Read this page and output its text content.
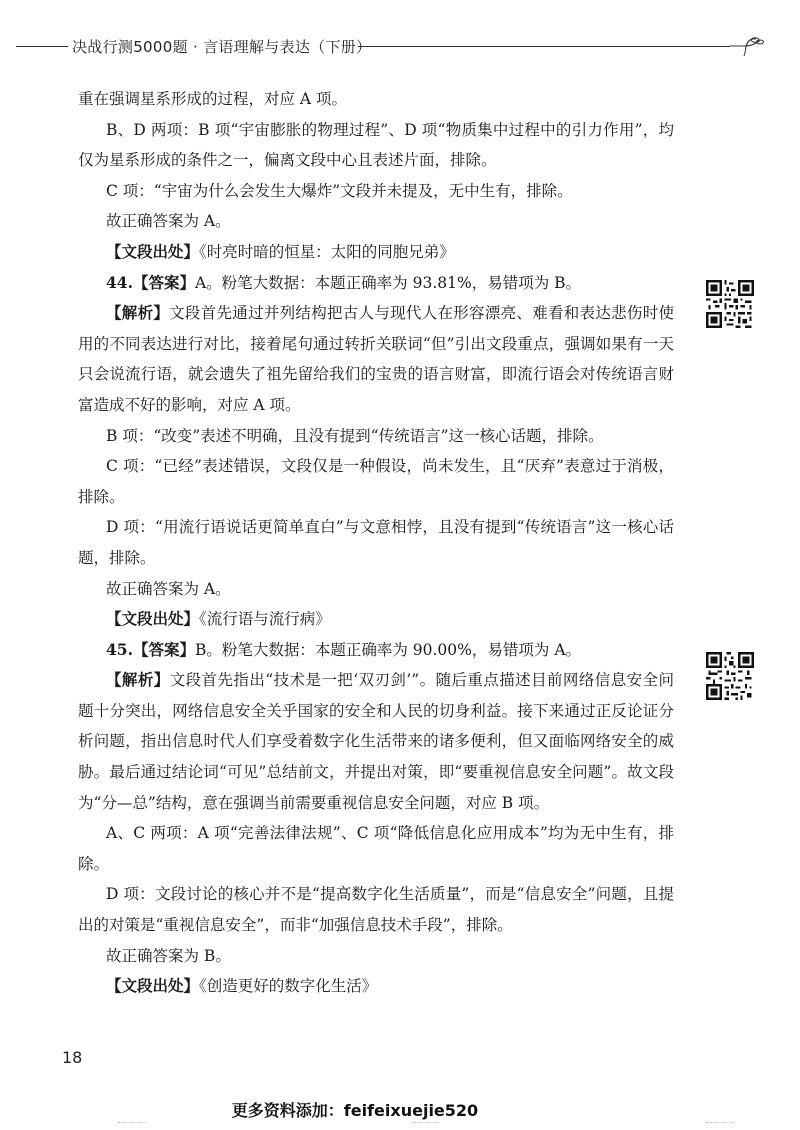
决战行测5000题 · 言语理解与表达（下册）

重在强调星系形成的过程，对应 A 项。

B、D 两项：B 项“宇宙膨胀的物理过程”、D 项“物质集中过程中的引力作用”，均仅为星系形成的条件之一，偏离文段中心且表述片面，排除。

C 项：“宇宙为什么会发生大爆炸”文段并未提及，无中生有，排除。

故正确答案为 A。

【文段出处】《时亮时暗的恒星：太阳的同胞兄弟》

44.【答案】A。粉笔大数据：本题正确率为 93.81%，易错项为 B。

【解析】文段首先通过并列结构把古人与现代人在形容漂亮、难看和表达悲伤时使用的不同表达进行对比，接着尾句通过转折关联词“但”引出文段重点，强调如果有一天只会说流行语，就会遗失了祖先留给我们的宝贵的语言财富，即流行语会对传统语言财富造成不好的影响，对应 A 项。

B 项：“改变”表述不明确，且没有提到“传统语言”这一核心话题，排除。

C 项：“已经”表述错误，文段仅是一种假设，尚未发生，且“厌弃”表意过于消极，排除。

D 项：“用流行语说话更简单直白”与文意相悖，且没有提到“传统语言”这一核心话题，排除。

故正确答案为 A。

【文段出处】《流行语与流行病》

45.【答案】B。粉笔大数据：本题正确率为 90.00%，易错项为 A。

【解析】文段首先指出“技术是一把‘双刃剑’”。随后重点描述目前网络信息安全问题十分突出，网络信息安全关乎国家的安全和人民的切身利益。接下来通过正反论证分析问题，指出信息时代人们享受着数字化生活带来的诸多便利，但又面临网络安全的威胁。最后通过结论词“可见”总结前文，并提出对策，即“要重视信息安全问题”。故文段为“分—总”结构，意在强调当前需要重视信息安全问题，对应 B 项。

A、C 两项：A 项“完善法律法规”、C 项“降低信息化应用成本”均为无中生有，排除。

D 项：文段讨论的核心并不是“提高数字化生活质量”，而是“信息安全”问题，且提出的对策是“重视信息安全”，而非“加强信息技术手段”，排除。

故正确答案为 B。

【文段出处】《创造更好的数字化生活》

18
更多资料添加：feifeixuejie520
